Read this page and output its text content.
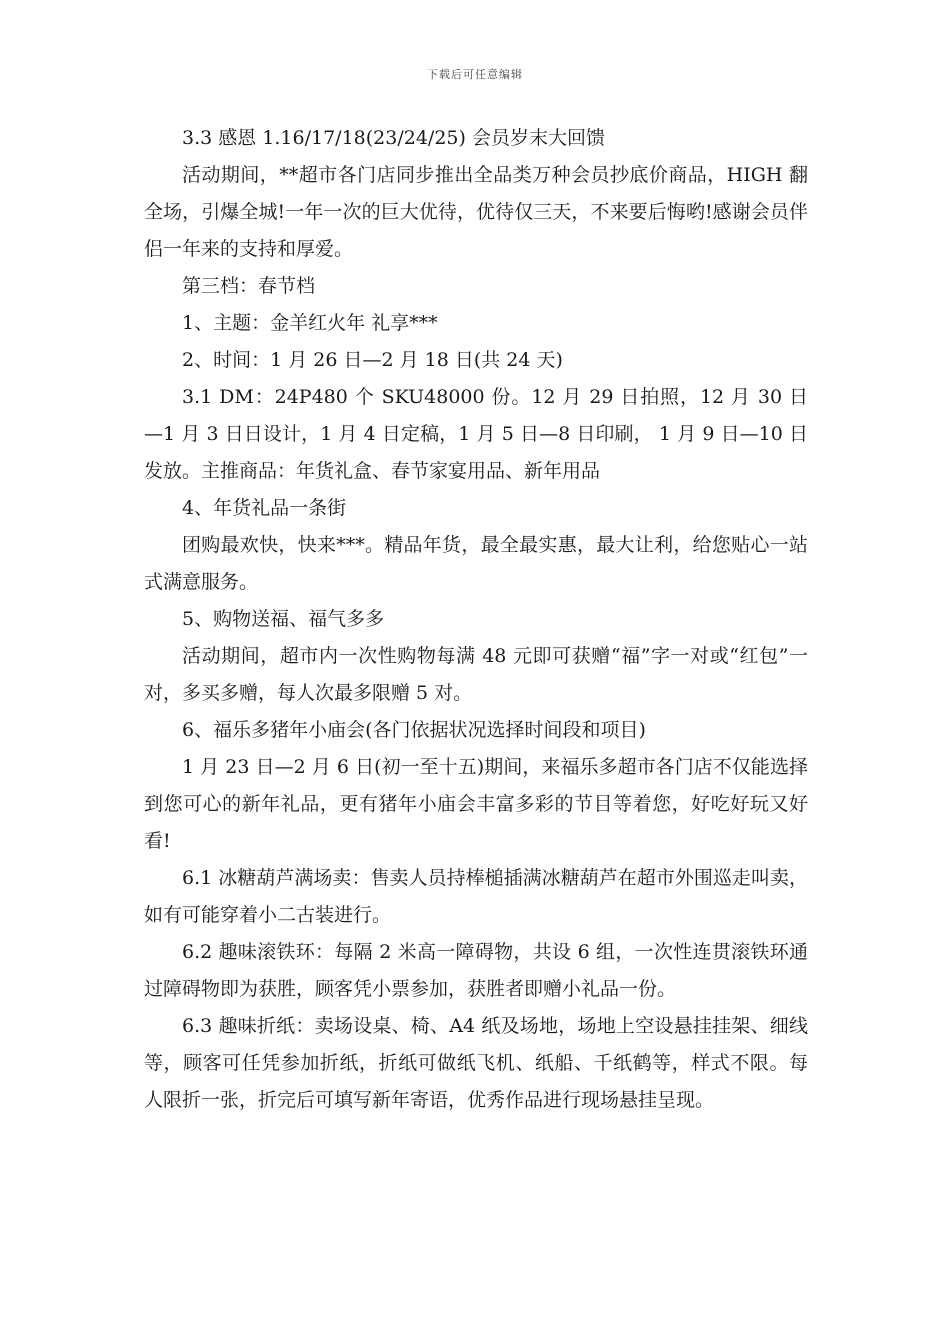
下载后可任意编辑

3.3 感恩 1.16/17/18(23/24/25) 会员岁末大回馈

活动期间，**超市各门店同步推出全品类万种会员抄底价商品，HIGH 翻全场，引爆全城!一年一次的巨大优待，优待仅三天，不来要后悔哟!感谢会员伴侣一年来的支持和厚爱。

第三档：春节档

1、主题：金羊红火年 礼享***

2、时间：1 月 26 日—2 月 18 日(共 24 天)

3.1 DM：24P480 个 SKU48000 份。12 月 29 日拍照，12 月 30 日—1 月 3 日日设计，1 月 4 日定稿，1 月 5 日—8 日印刷， 1 月 9 日—10 日发放。主推商品：年货礼盒、春节家宴用品、新年用品

4、年货礼品一条街

团购最欢快，快来***。精品年货，最全最实惠，最大让利，给您贴心一站式满意服务。

5、购物送福、福气多多

活动期间，超市内一次性购物每满 48 元即可获赠“福”字一对或“红包”一对，多买多赠，每人次最多限赠 5 对。

6、福乐多猪年小庙会(各门依据状况选择时间段和项目)

1 月 23 日—2 月 6 日(初一至十五)期间，来福乐多超市各门店不仅能选择到您可心的新年礼品，更有猪年小庙会丰富多彩的节目等着您，好吃好玩又好看!

6.1 冰糖葫芦满场卖：售卖人员持棒槌插满冰糖葫芦在超市外围巡走叫卖，如有可能穿着小二古装进行。

6.2 趣味滚铁环：每隔 2 米高一障碍物，共设 6 组，一次性连贯滚铁环通过障碍物即为获胜，顾客凭小票参加，获胜者即赠小礼品一份。

6.3 趣味折纸：卖场设桌、椅、A4 纸及场地，场地上空设悬挂挂架、细线等，顾客可任凭参加折纸，折纸可做纸飞机、纸船、千纸鹤等，样式不限。每人限折一张，折完后可填写新年寄语，优秀作品进行现场悬挂呈现。
